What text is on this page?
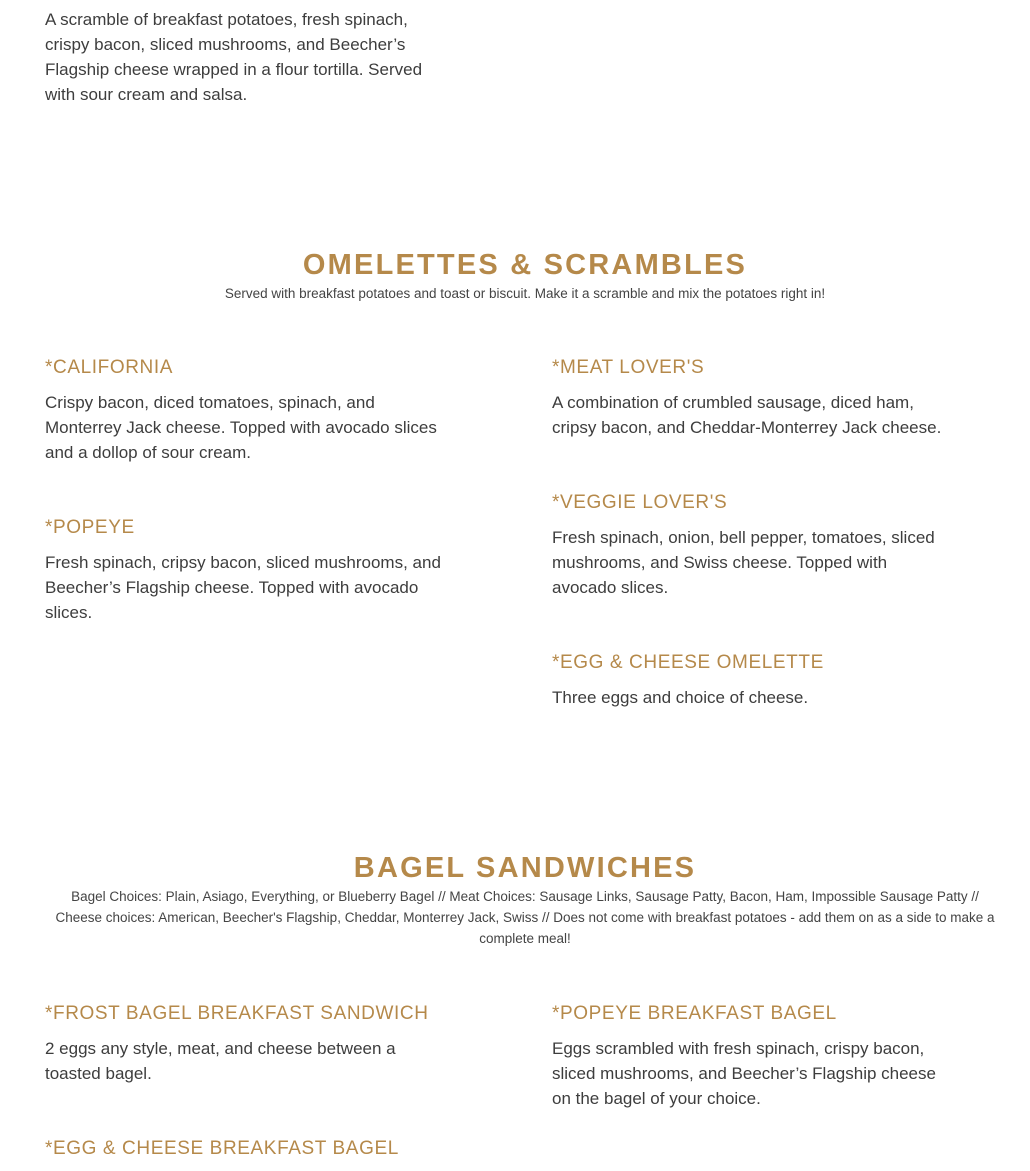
A scramble of breakfast potatoes, fresh spinach, crispy bacon, sliced mushrooms, and Beecher’s Flagship cheese wrapped in a flour tortilla. Served with sour cream and salsa.

OMELETTES & SCRAMBLES

Served with breakfast potatoes and toast or biscuit. Make it a scramble and mix the potatoes right in!

*CALIFORNIA

Crispy bacon, diced tomatoes, spinach, and Monterrey Jack cheese. Topped with avocado slices and a dollop of sour cream.

*MEAT LOVER'S

A combination of crumbled sausage, diced ham, cripsy bacon, and Cheddar-Monterrey Jack cheese.

*POPEYE

Fresh spinach, cripsy bacon, sliced mushrooms, and Beecher’s Flagship cheese. Topped with avocado slices.

*VEGGIE LOVER'S

Fresh spinach, onion, bell pepper, tomatoes, sliced mushrooms, and Swiss cheese. Topped with avocado slices.

*EGG & CHEESE OMELETTE

Three eggs and choice of cheese.

BAGEL SANDWICHES

Bagel Choices: Plain, Asiago, Everything, or Blueberry Bagel // Meat Choices: Sausage Links, Sausage Patty, Bacon, Ham, Impossible Sausage Patty // Cheese choices: American, Beecher's Flagship, Cheddar, Monterrey Jack, Swiss // Does not come with breakfast potatoes - add them on as a side to make a complete meal!

*FROST BAGEL BREAKFAST SANDWICH

2 eggs any style, meat, and cheese between a toasted bagel.

*POPEYE BREAKFAST BAGEL

Eggs scrambled with fresh spinach, crispy bacon, sliced mushrooms, and Beecher’s Flagship cheese on the bagel of your choice.

*EGG & CHEESE BREAKFAST BAGEL
